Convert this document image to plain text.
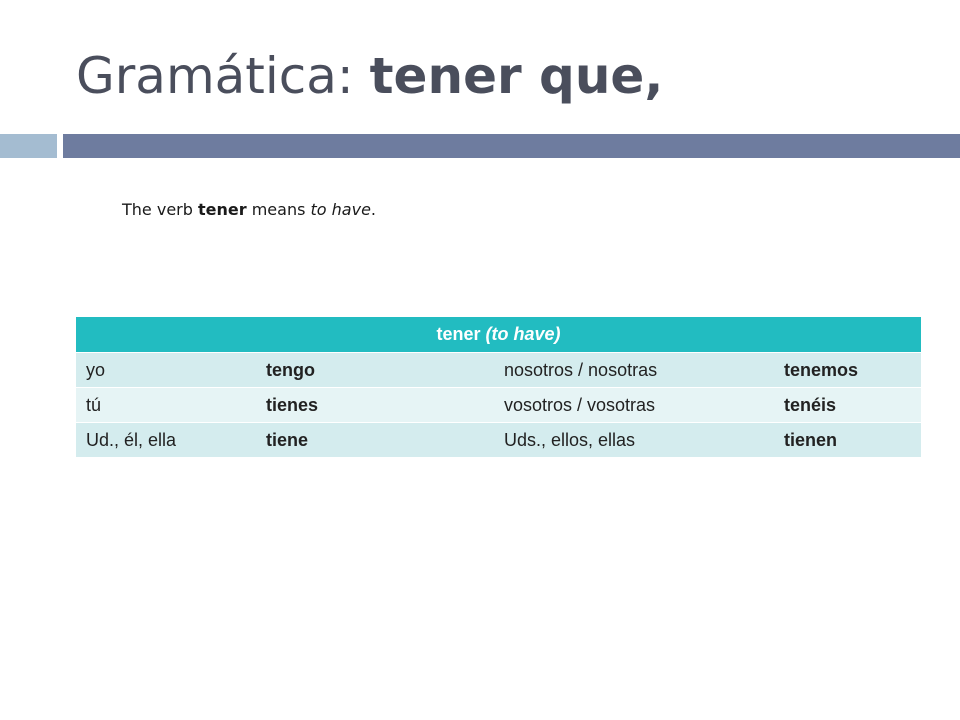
Gramática: tener que,

The verb tener means to have.

tener (to have)			
yo	tengo	nosotros / nosotras	tenemos
tú	tienes	vosotros / vosotras	tenéis
Ud., él, ella	tiene	Uds., ellos, ellas	tienen
